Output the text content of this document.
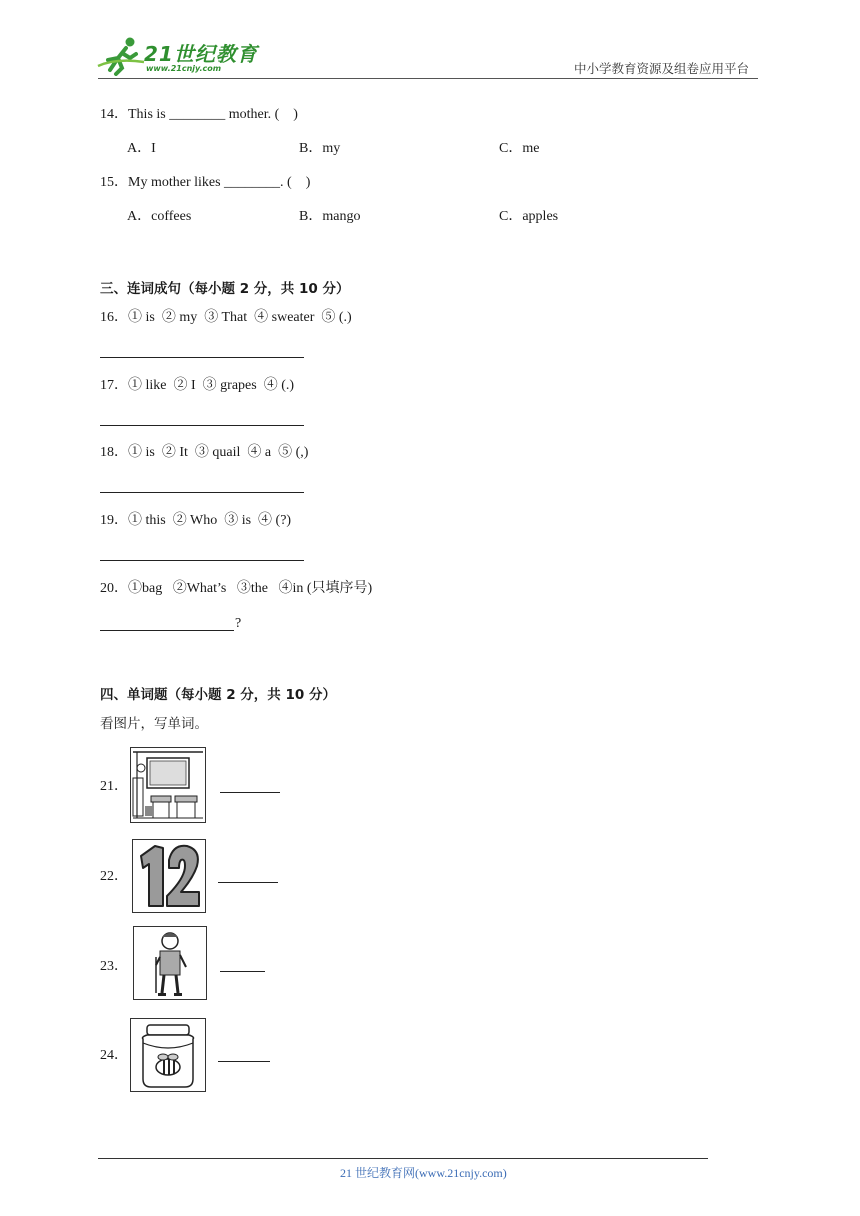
21世纪教育
www.21cnjy.com	中小学教育资源及组卷应用平台
14．This is ________ mother. (　)
A．I	B．my	C．me
15．My mother likes ________. (　)
A．coffees	B．mango	C．apples
三、连词成句（每小题 2 分，共 10 分）
16．① is  ② my  ③ That  ④ sweater  ⑤ (.)
17．① like  ② I  ③ grapes  ④ (.)
18．① is  ② It  ③ quail  ④ a  ⑤ (,)
19．① this  ② Who  ③ is  ④ (?)
20．①bag   ②What’s   ③the   ④in (只填序号)
?
四、单词题（每小题 2 分，共 10 分）
看图片，写单词。
21．
22．
23．
24．
21 世纪教育网(www.21cnjy.com)
